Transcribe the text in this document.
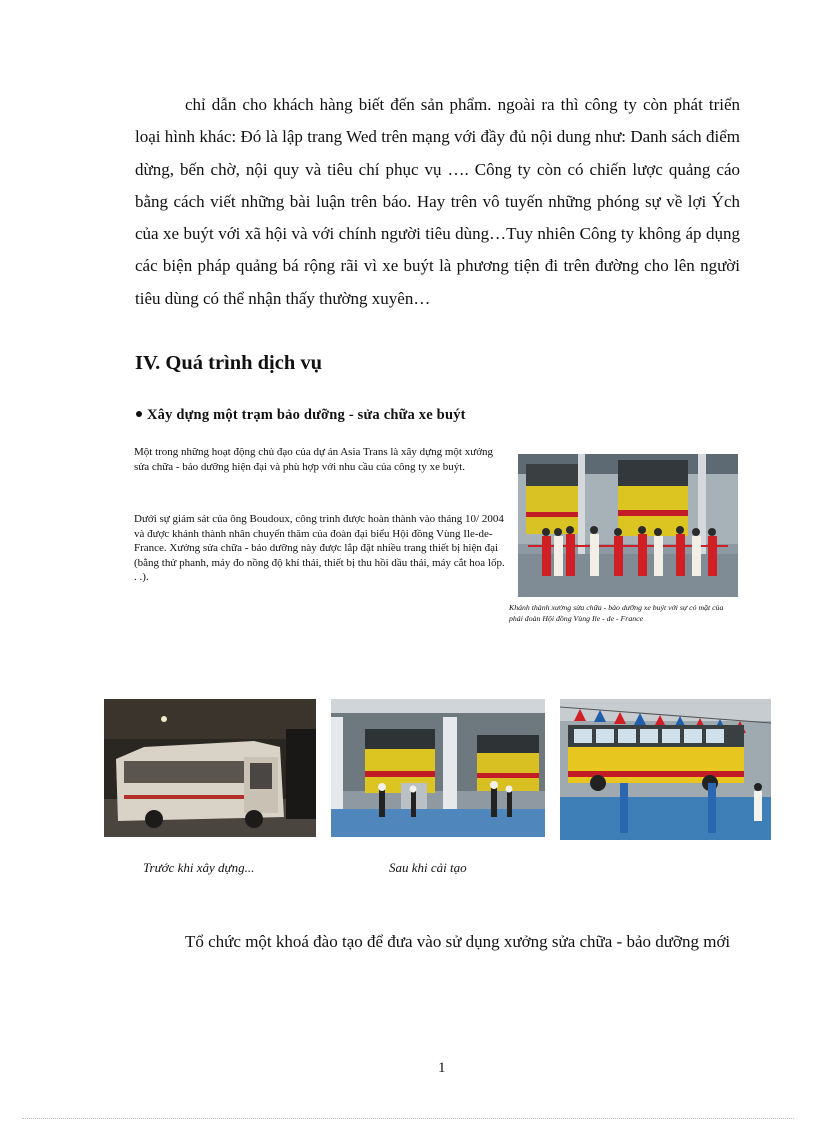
chỉ dẫn cho khách hàng biết đến sản phẩm. ngoài ra thì công ty còn phát triển loại hình khác: Đó là lập trang Wed trên mạng với đầy đủ nội dung như: Danh sách điểm dừng, bến chờ, nội quy và tiêu chí phục vụ …. Công ty còn có chiến lược quảng cáo bằng cách viết những bài luận trên báo. Hay trên vô tuyến những phóng sự về lợi Ých của xe buýt với xã hội và với chính người tiêu dùng…Tuy nhiên Công ty không áp dụng các biện pháp quảng bá rộng rãi vì xe buýt là phương tiện đi trên đường cho lên người tiêu dùng có thể nhận thấy thường xuyên…

IV. Quá trình dịch vụ

Xây dựng một trạm bảo dưỡng - sửa chữa xe buýt

Một trong những hoạt động chủ đạo của dự án Asia Trans là xây dựng một xưởng sửa chữa - bảo dưỡng hiện đại và phù hợp với nhu cầu của công ty xe buýt.

Dưới sự giám sát của ông Boudoux, công trình được hoàn thành vào tháng 10/ 2004 và được khánh thành nhân chuyến thăm của đoàn đại biểu Hội đồng Vùng Ile-de-France. Xưởng sửa chữa - bảo dưỡng này được lắp đặt nhiều trang thiết bị hiện đại (bằng thử phanh, máy đo nồng độ khí thải, thiết bị thu hồi dầu thải, máy cắt hoa lốp. . .).

Khánh thành xưởng sửa chữa - bảo dưỡng xe buýt với sự có mặt của phái đoàn Hội đồng Vùng Ile - de - France

Trước khi xây dựng...	Sau khi cải tạo

Tổ chức một khoá đào tạo để đưa vào sử dụng xưởng sửa chữa - bảo dưỡng mới

1
